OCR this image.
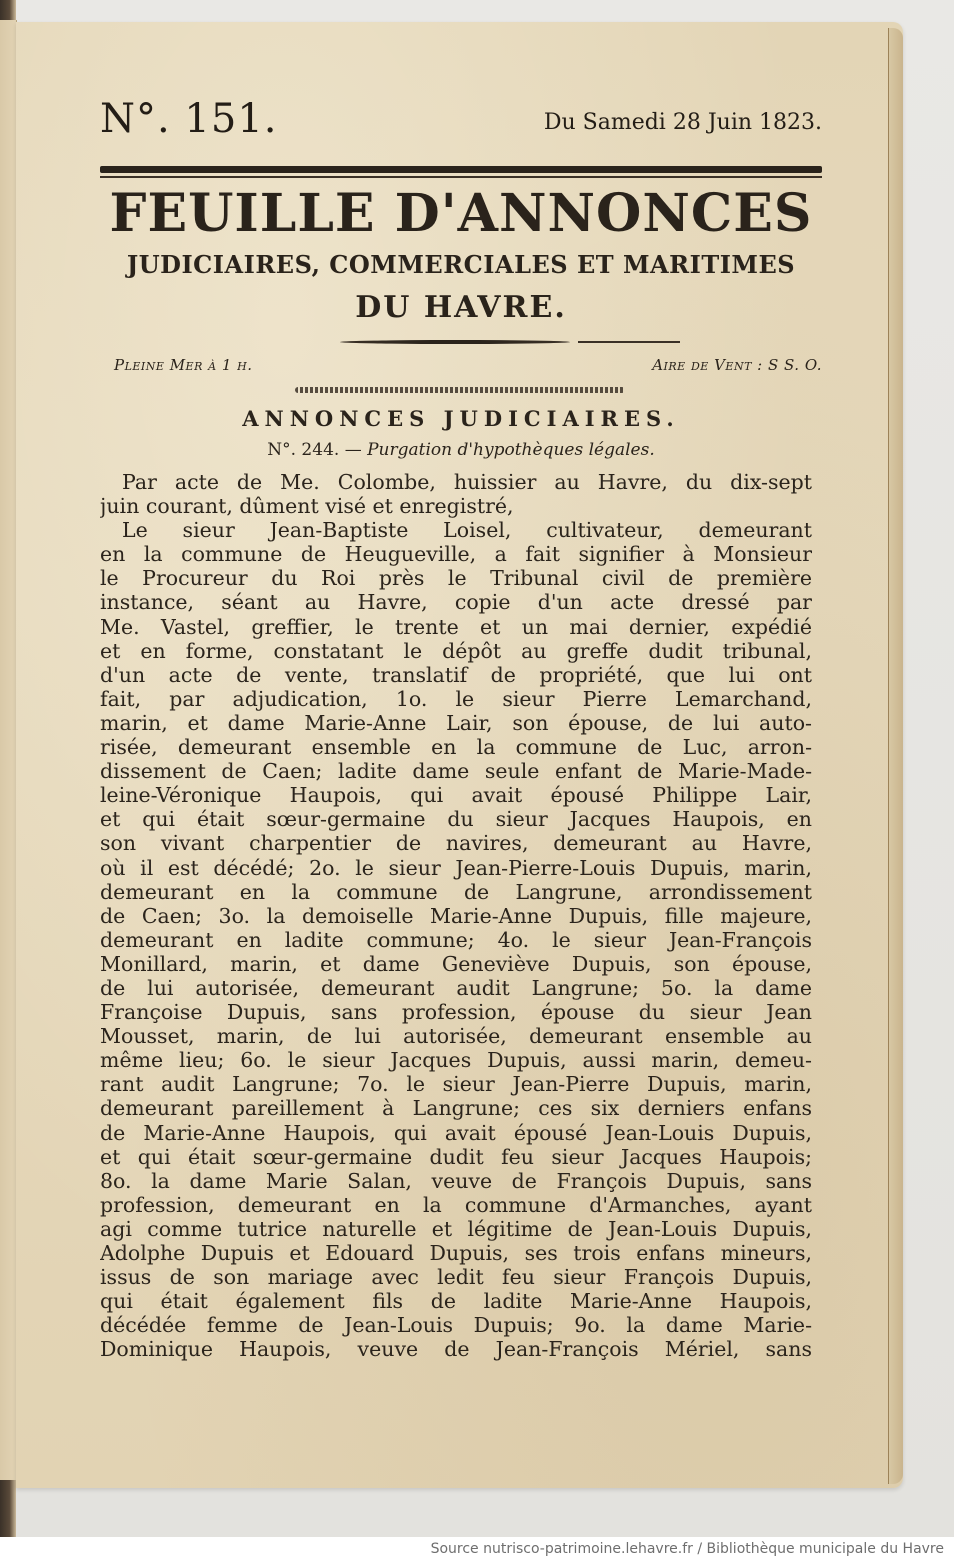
N°. 151.	Du Samedi 28 Juin 1823.
FEUILLE D'ANNONCES
JUDICIAIRES, COMMERCIALES ET MARITIMES
DU HAVRE.
Pleine Mer à 1 h.	Aire de Vent : S S. O.
ANNONCES JUDICIAIRES.
N°. 244. — Purgation d'hypothèques légales.
Par acte de Me. Colombe, huissier au Havre, du dix-sept
juin courant, dûment visé et enregistré,
Le sieur Jean-Baptiste Loisel, cultivateur, demeurant
en la commune de Heugueville, a fait signifier à Monsieur
le Procureur du Roi près le Tribunal civil de première
instance, séant au Havre, copie d'un acte dressé par
Me. Vastel, greffier, le trente et un mai dernier, expédié
et en forme, constatant le dépôt au greffe dudit tribunal,
d'un acte de vente, translatif de propriété, que lui ont
fait, par adjudication, 1o. le sieur Pierre Lemarchand,
marin, et dame Marie-Anne Lair, son épouse, de lui auto-
risée, demeurant ensemble en la commune de Luc, arron-
dissement de Caen; ladite dame seule enfant de Marie-Made-
leine-Véronique Haupois, qui avait épousé Philippe Lair,
et qui était sœur-germaine du sieur Jacques Haupois, en
son vivant charpentier de navires, demeurant au Havre,
où il est décédé; 2o. le sieur Jean-Pierre-Louis Dupuis, marin,
demeurant en la commune de Langrune, arrondissement
de Caen; 3o. la demoiselle Marie-Anne Dupuis, fille majeure,
demeurant en ladite commune; 4o. le sieur Jean-François
Monillard, marin, et dame Geneviève Dupuis, son épouse,
de lui autorisée, demeurant audit Langrune; 5o. la dame
Françoise Dupuis, sans profession, épouse du sieur Jean
Mousset, marin, de lui autorisée, demeurant ensemble au
même lieu; 6o. le sieur Jacques Dupuis, aussi marin, demeu-
rant audit Langrune; 7o. le sieur Jean-Pierre Dupuis, marin,
demeurant pareillement à Langrune; ces six derniers enfans
de Marie-Anne Haupois, qui avait épousé Jean-Louis Dupuis,
et qui était sœur-germaine dudit feu sieur Jacques Haupois;
8o. la dame Marie Salan, veuve de François Dupuis, sans
profession, demeurant en la commune d'Armanches, ayant
agi comme tutrice naturelle et légitime de Jean-Louis Dupuis,
Adolphe Dupuis et Edouard Dupuis, ses trois enfans mineurs,
issus de son mariage avec ledit feu sieur François Dupuis,
qui était également fils de ladite Marie-Anne Haupois,
décédée femme de Jean-Louis Dupuis; 9o. la dame Marie-
Dominique Haupois, veuve de Jean-François Mériel, sans
Source nutrisco-patrimoine.lehavre.fr / Bibliothèque municipale du Havre
